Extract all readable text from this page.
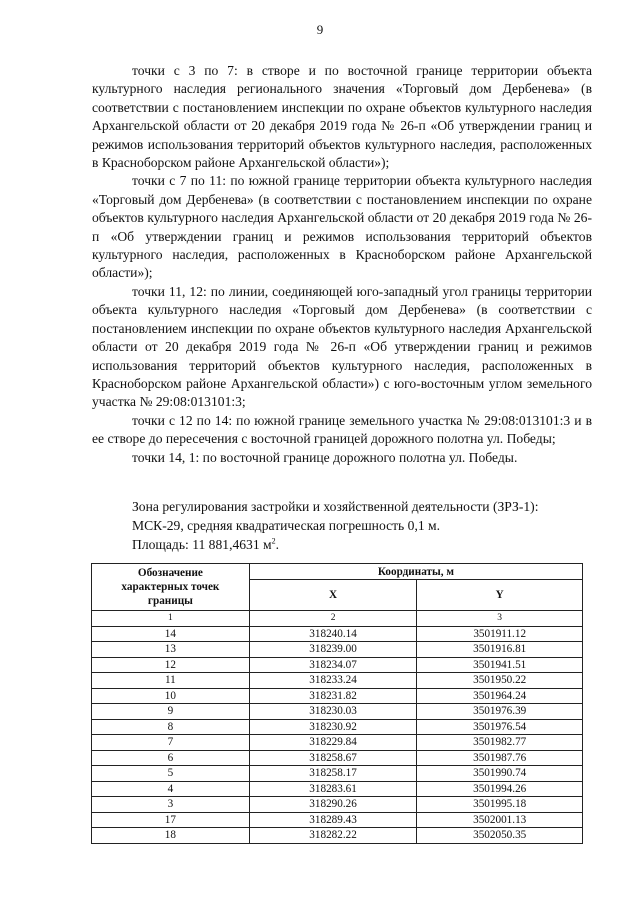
9

точки с 3 по 7: в створе и по восточной границе территории объекта культурного наследия регионального значения «Торговый дом Дербенева» (в соответствии с постановлением инспекции по охране объектов культурного наследия Архангельской области от 20 декабря 2019 года № 26-п «Об утверждении границ и режимов использования территорий объектов культурного наследия, расположенных в Красноборском районе Архангельской области»);

точки с 7 по 11: по южной границе территории объекта культурного наследия «Торговый дом Дербенева» (в соответствии с постановлением инспекции по охране объектов культурного наследия Архангельской области от 20 декабря 2019 года № 26-п «Об утверждении границ и режимов использования территорий объектов культурного наследия, расположенных в Красноборском районе Архангельской области»);

точки 11, 12: по линии, соединяющей юго-западный угол границы территории объекта культурного наследия «Торговый дом Дербенева» (в соответствии с постановлением инспекции по охране объектов культурного наследия Архангельской области от 20 декабря 2019 года № 26-п «Об утверждении границ и режимов использования территорий объектов культурного наследия, расположенных в Красноборском районе Архангельской области») с юго-восточным углом земельного участка № 29:08:013101:3;

точки с 12 по 14: по южной границе земельного участка № 29:08:013101:3 и в ее створе до пересечения с восточной границей дорожного полотна ул. Победы;

точки 14, 1: по восточной границе дорожного полотна ул. Победы.

Зона регулирования застройки и хозяйственной деятельности (ЗРЗ-1):

МСК-29, средняя квадратическая погрешность 0,1 м.

Площадь: 11 881,4631 $м^2$.

Обозначение характерных точек границы	Координаты, м	
	X	Y
1	2	3
14	318240.14	3501911.12
13	318239.00	3501916.81
12	318234.07	3501941.51
11	318233.24	3501950.22
10	318231.82	3501964.24
9	318230.03	3501976.39
8	318230.92	3501976.54
7	318229.84	3501982.77
6	318258.67	3501987.76
5	318258.17	3501990.74
4	318283.61	3501994.26
3	318290.26	3501995.18
17	318289.43	3502001.13
18	318282.22	3502050.35
